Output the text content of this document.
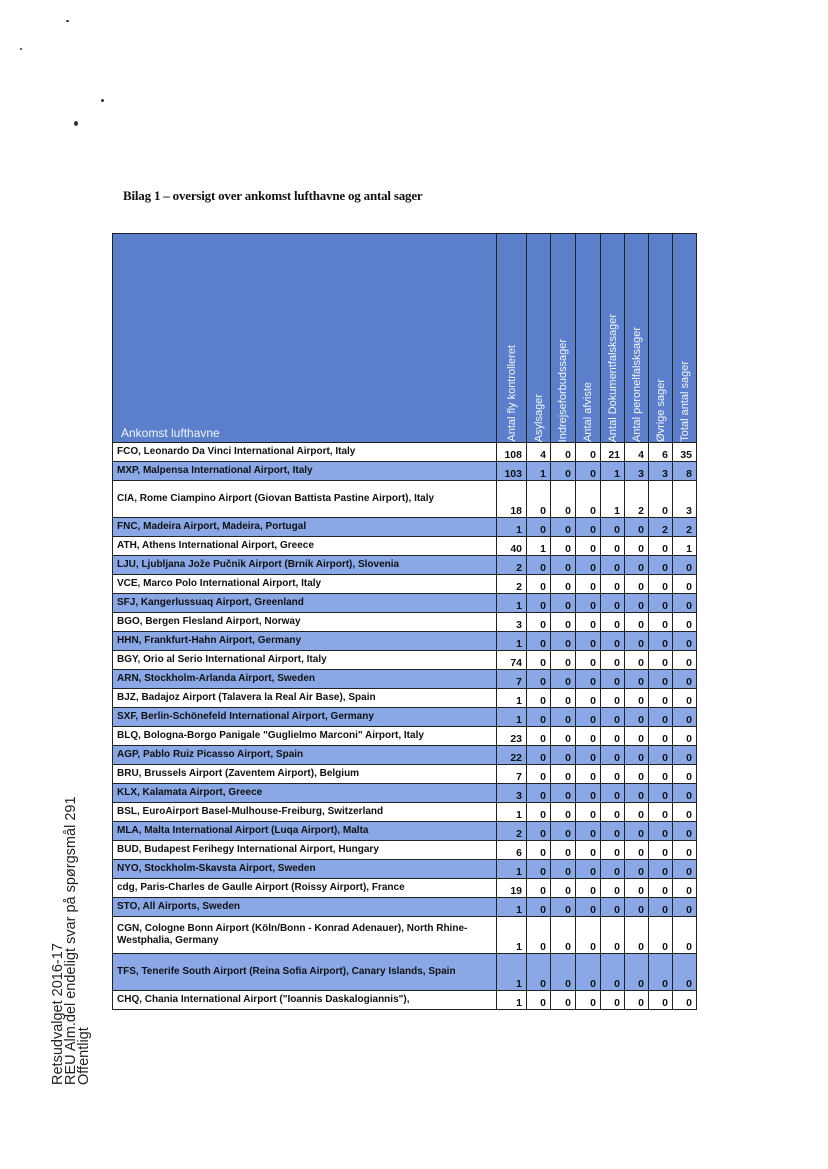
Bilag 1 – oversigt over ankomst lufthavne og antal sager
Ankomst lufthavne	Antal fly kontrolleret	Asylsager	Indrejseforbudssager	Antal afviste	Antal Dokumentfalsksager	Antal peronelfalsksager	Øvrige sager	Total antal sager

FCO, Leonardo Da Vinci International Airport, Italy	108	4	0	0	21	4	6	35
MXP, Malpensa International Airport, Italy	103	1	0	0	1	3	3	8
CIA, Rome Ciampino Airport (Giovan Battista Pastine Airport), Italy	18	0	0	0	1	2	0	3
FNC, Madeira Airport, Madeira, Portugal	1	0	0	0	0	0	2	2
ATH, Athens International Airport, Greece	40	1	0	0	0	0	0	1
LJU, Ljubljana Jože Pučnik Airport (Brnik Airport), Slovenia	2	0	0	0	0	0	0	0
VCE, Marco Polo International Airport, Italy	2	0	0	0	0	0	0	0
SFJ, Kangerlussuaq Airport, Greenland	1	0	0	0	0	0	0	0
BGO, Bergen Flesland Airport, Norway	3	0	0	0	0	0	0	0
HHN, Frankfurt-Hahn Airport, Germany	1	0	0	0	0	0	0	0
BGY, Orio al Serio International Airport, Italy	74	0	0	0	0	0	0	0
ARN, Stockholm-Arlanda Airport, Sweden	7	0	0	0	0	0	0	0
BJZ, Badajoz Airport (Talavera la Real Air Base), Spain	1	0	0	0	0	0	0	0
SXF, Berlin-Schönefeld International Airport, Germany	1	0	0	0	0	0	0	0
BLQ, Bologna-Borgo Panigale "Guglielmo Marconi" Airport, Italy	23	0	0	0	0	0	0	0
AGP, Pablo Ruiz Picasso Airport, Spain	22	0	0	0	0	0	0	0
BRU, Brussels Airport (Zaventem Airport), Belgium	7	0	0	0	0	0	0	0
KLX, Kalamata Airport, Greece	3	0	0	0	0	0	0	0
BSL, EuroAirport Basel-Mulhouse-Freiburg, Switzerland	1	0	0	0	0	0	0	0
MLA, Malta International Airport (Luqa Airport), Malta	2	0	0	0	0	0	0	0
BUD, Budapest Ferihegy International Airport, Hungary	6	0	0	0	0	0	0	0
NYO, Stockholm-Skavsta Airport, Sweden	1	0	0	0	0	0	0	0
cdg, Paris-Charles de Gaulle Airport (Roissy Airport), France	19	0	0	0	0	0	0	0
STO, All Airports, Sweden	1	0	0	0	0	0	0	0
CGN, Cologne Bonn Airport (Köln/Bonn - Konrad Adenauer), North Rhine-Westphalia, Germany	1	0	0	0	0	0	0	0
TFS, Tenerife South Airport (Reina Sofia Airport), Canary Islands, Spain	1	0	0	0	0	0	0	0
CHQ, Chania International Airport ("Ioannis Daskalogiannis"),	1	0	0	0	0	0	0	0
Retsudvalget 2016-17
REU Alm.del endeligt svar på spørgsmål 291
Offentligt
